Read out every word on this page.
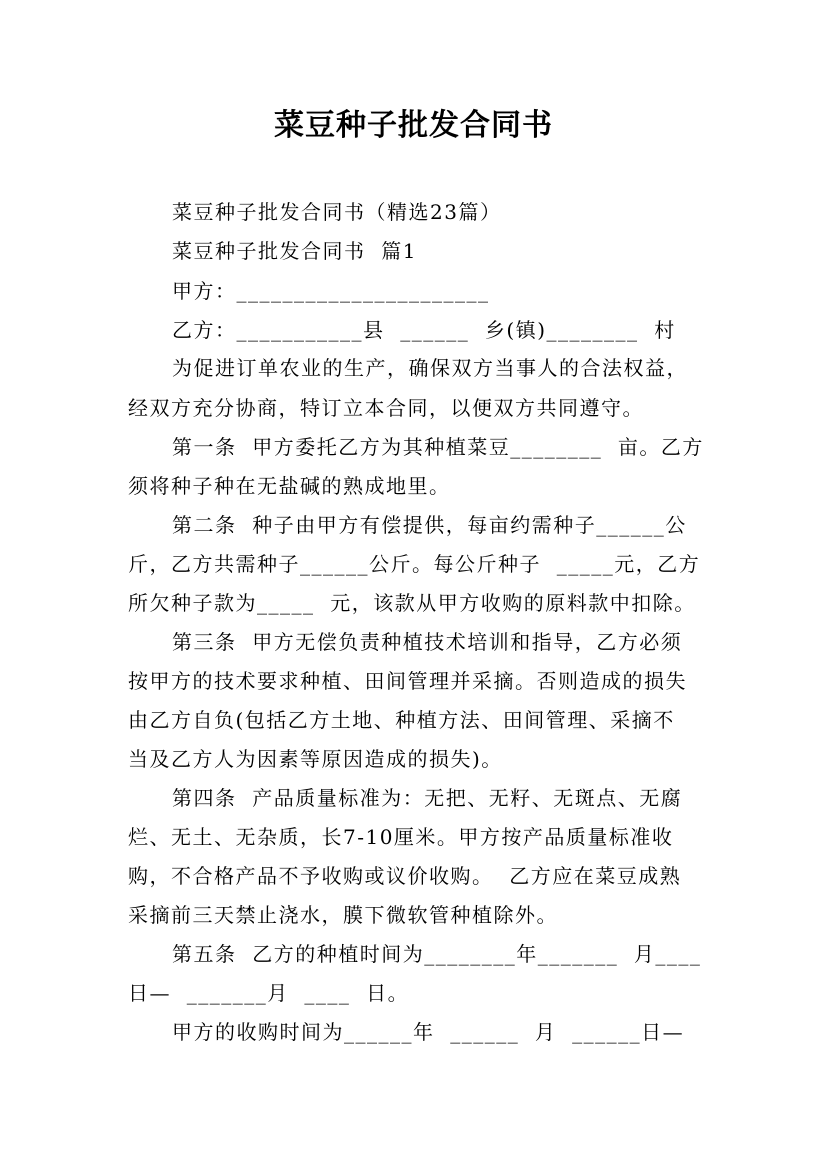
菜豆种子批发合同书
菜豆种子批发合同书（精选23篇）
菜豆种子批发合同书  篇1
甲方：______________________
乙方：___________县  ______  乡(镇)________  村
为促进订单农业的生产，确保双方当事人的合法权益，
经双方充分协商，特订立本合同，以便双方共同遵守。
第一条  甲方委托乙方为其种植菜豆________  亩。乙方
须将种子种在无盐碱的熟成地里。
第二条  种子由甲方有偿提供，每亩约需种子______公
斤，乙方共需种子______公斤。每公斤种子  _____元，乙方
所欠种子款为_____  元，该款从甲方收购的原料款中扣除。
第三条  甲方无偿负责种植技术培训和指导，乙方必须
按甲方的技术要求种植、田间管理并采摘。否则造成的损失
由乙方自负(包括乙方土地、种植方法、田间管理、采摘不
当及乙方人为因素等原因造成的损失)。
第四条  产品质量标准为：无把、无籽、无斑点、无腐
烂、无土、无杂质，长7-10厘米。甲方按产品质量标准收
购，不合格产品不予收购或议价收购。  乙方应在菜豆成熟
采摘前三天禁止浇水，膜下微软管种植除外。
第五条  乙方的种植时间为________年_______  月____
日—  _______月  ____  日。
甲方的收购时间为______年  ______  月  ______日—
